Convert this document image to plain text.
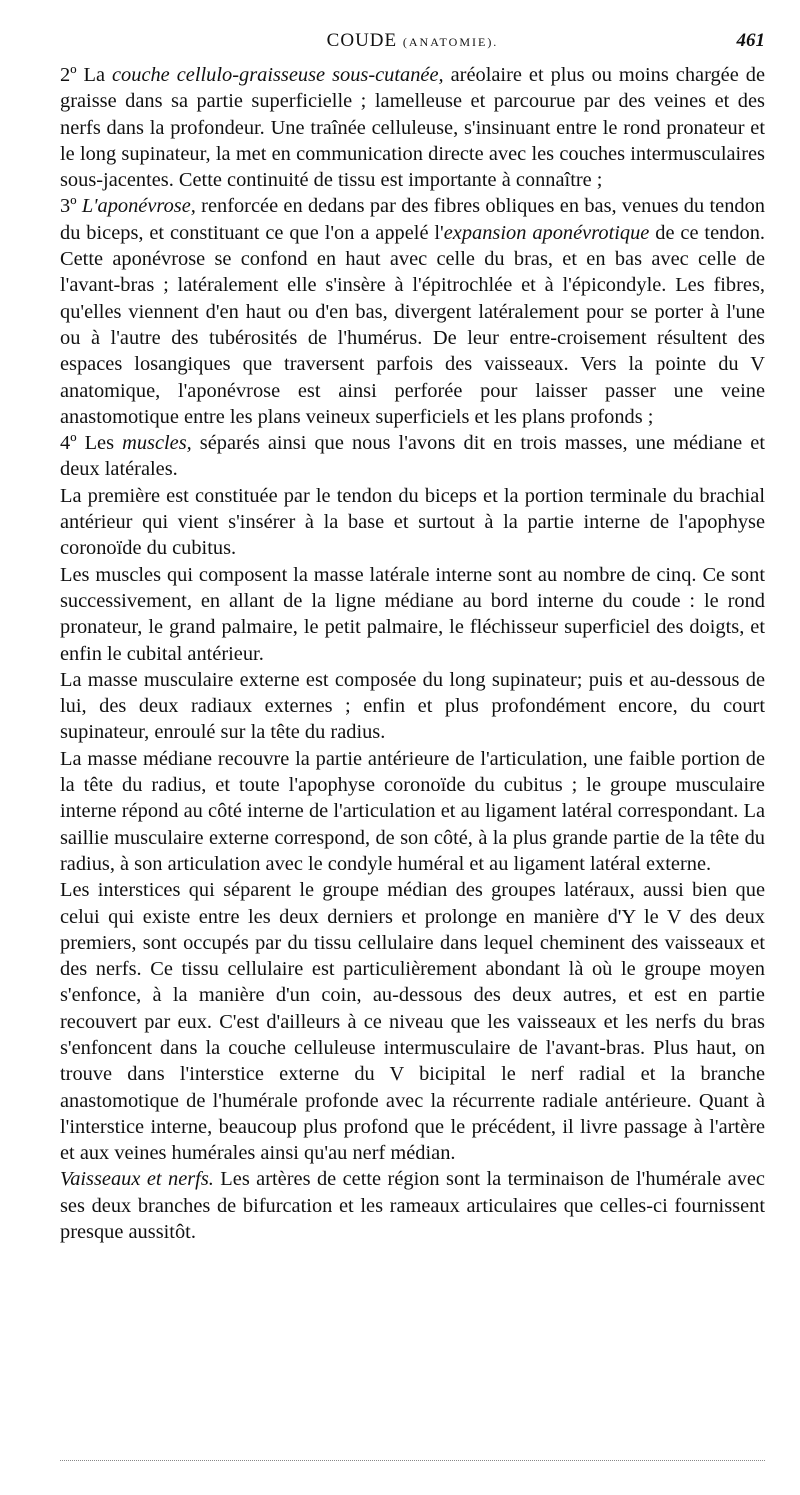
COUDE (ANATOMIE).	461

2º La couche cellulo-graisseuse sous-cutanée, aréolaire et plus ou moins chargée de graisse dans sa partie superficielle ; lamelleuse et parcourue par des veines et des nerfs dans la profondeur. Une traînée celluleuse, s'insinuant entre le rond pronateur et le long supinateur, la met en communication directe avec les couches intermusculaires sous-jacentes. Cette continuité de tissu est importante à connaître ;

3º L'aponévrose, renforcée en dedans par des fibres obliques en bas, venues du tendon du biceps, et constituant ce que l'on a appelé l'expansion aponévrotique de ce tendon. Cette aponévrose se confond en haut avec celle du bras, et en bas avec celle de l'avant-bras ; latéralement elle s'insère à l'épitrochlée et à l'épicondyle. Les fibres, qu'elles viennent d'en haut ou d'en bas, divergent latéralement pour se porter à l'une ou à l'autre des tubérosités de l'humérus. De leur entre-croisement résultent des espaces losangiques que traversent parfois des vaisseaux. Vers la pointe du V anatomique, l'aponévrose est ainsi perforée pour laisser passer une veine anastomotique entre les plans veineux superficiels et les plans profonds ;

4º Les muscles, séparés ainsi que nous l'avons dit en trois masses, une médiane et deux latérales.

La première est constituée par le tendon du biceps et la portion terminale du brachial antérieur qui vient s'insérer à la base et surtout à la partie interne de l'apophyse coronoïde du cubitus.

Les muscles qui composent la masse latérale interne sont au nombre de cinq. Ce sont successivement, en allant de la ligne médiane au bord interne du coude : le rond pronateur, le grand palmaire, le petit palmaire, le fléchisseur superficiel des doigts, et enfin le cubital antérieur.

La masse musculaire externe est composée du long supinateur; puis et au-dessous de lui, des deux radiaux externes ; enfin et plus profondément encore, du court supinateur, enroulé sur la tête du radius.

La masse médiane recouvre la partie antérieure de l'articulation, une faible portion de la tête du radius, et toute l'apophyse coronoïde du cubitus ; le groupe musculaire interne répond au côté interne de l'articulation et au ligament latéral correspondant. La saillie musculaire externe correspond, de son côté, à la plus grande partie de la tête du radius, à son articulation avec le condyle huméral et au ligament latéral externe.

Les interstices qui séparent le groupe médian des groupes latéraux, aussi bien que celui qui existe entre les deux derniers et prolonge en manière d'Y le V des deux premiers, sont occupés par du tissu cellulaire dans lequel cheminent des vaisseaux et des nerfs. Ce tissu cellulaire est particulièrement abondant là où le groupe moyen s'enfonce, à la manière d'un coin, au-dessous des deux autres, et est en partie recouvert par eux. C'est d'ailleurs à ce niveau que les vaisseaux et les nerfs du bras s'enfoncent dans la couche celluleuse intermusculaire de l'avant-bras. Plus haut, on trouve dans l'interstice externe du V bicipital le nerf radial et la branche anastomotique de l'humérale profonde avec la récurrente radiale antérieure. Quant à l'interstice interne, beaucoup plus profond que le précédent, il livre passage à l'artère et aux veines humérales ainsi qu'au nerf médian.

Vaisseaux et nerfs. Les artères de cette région sont la terminaison de l'humérale avec ses deux branches de bifurcation et les rameaux articulaires que celles-ci fournissent presque aussitôt.
